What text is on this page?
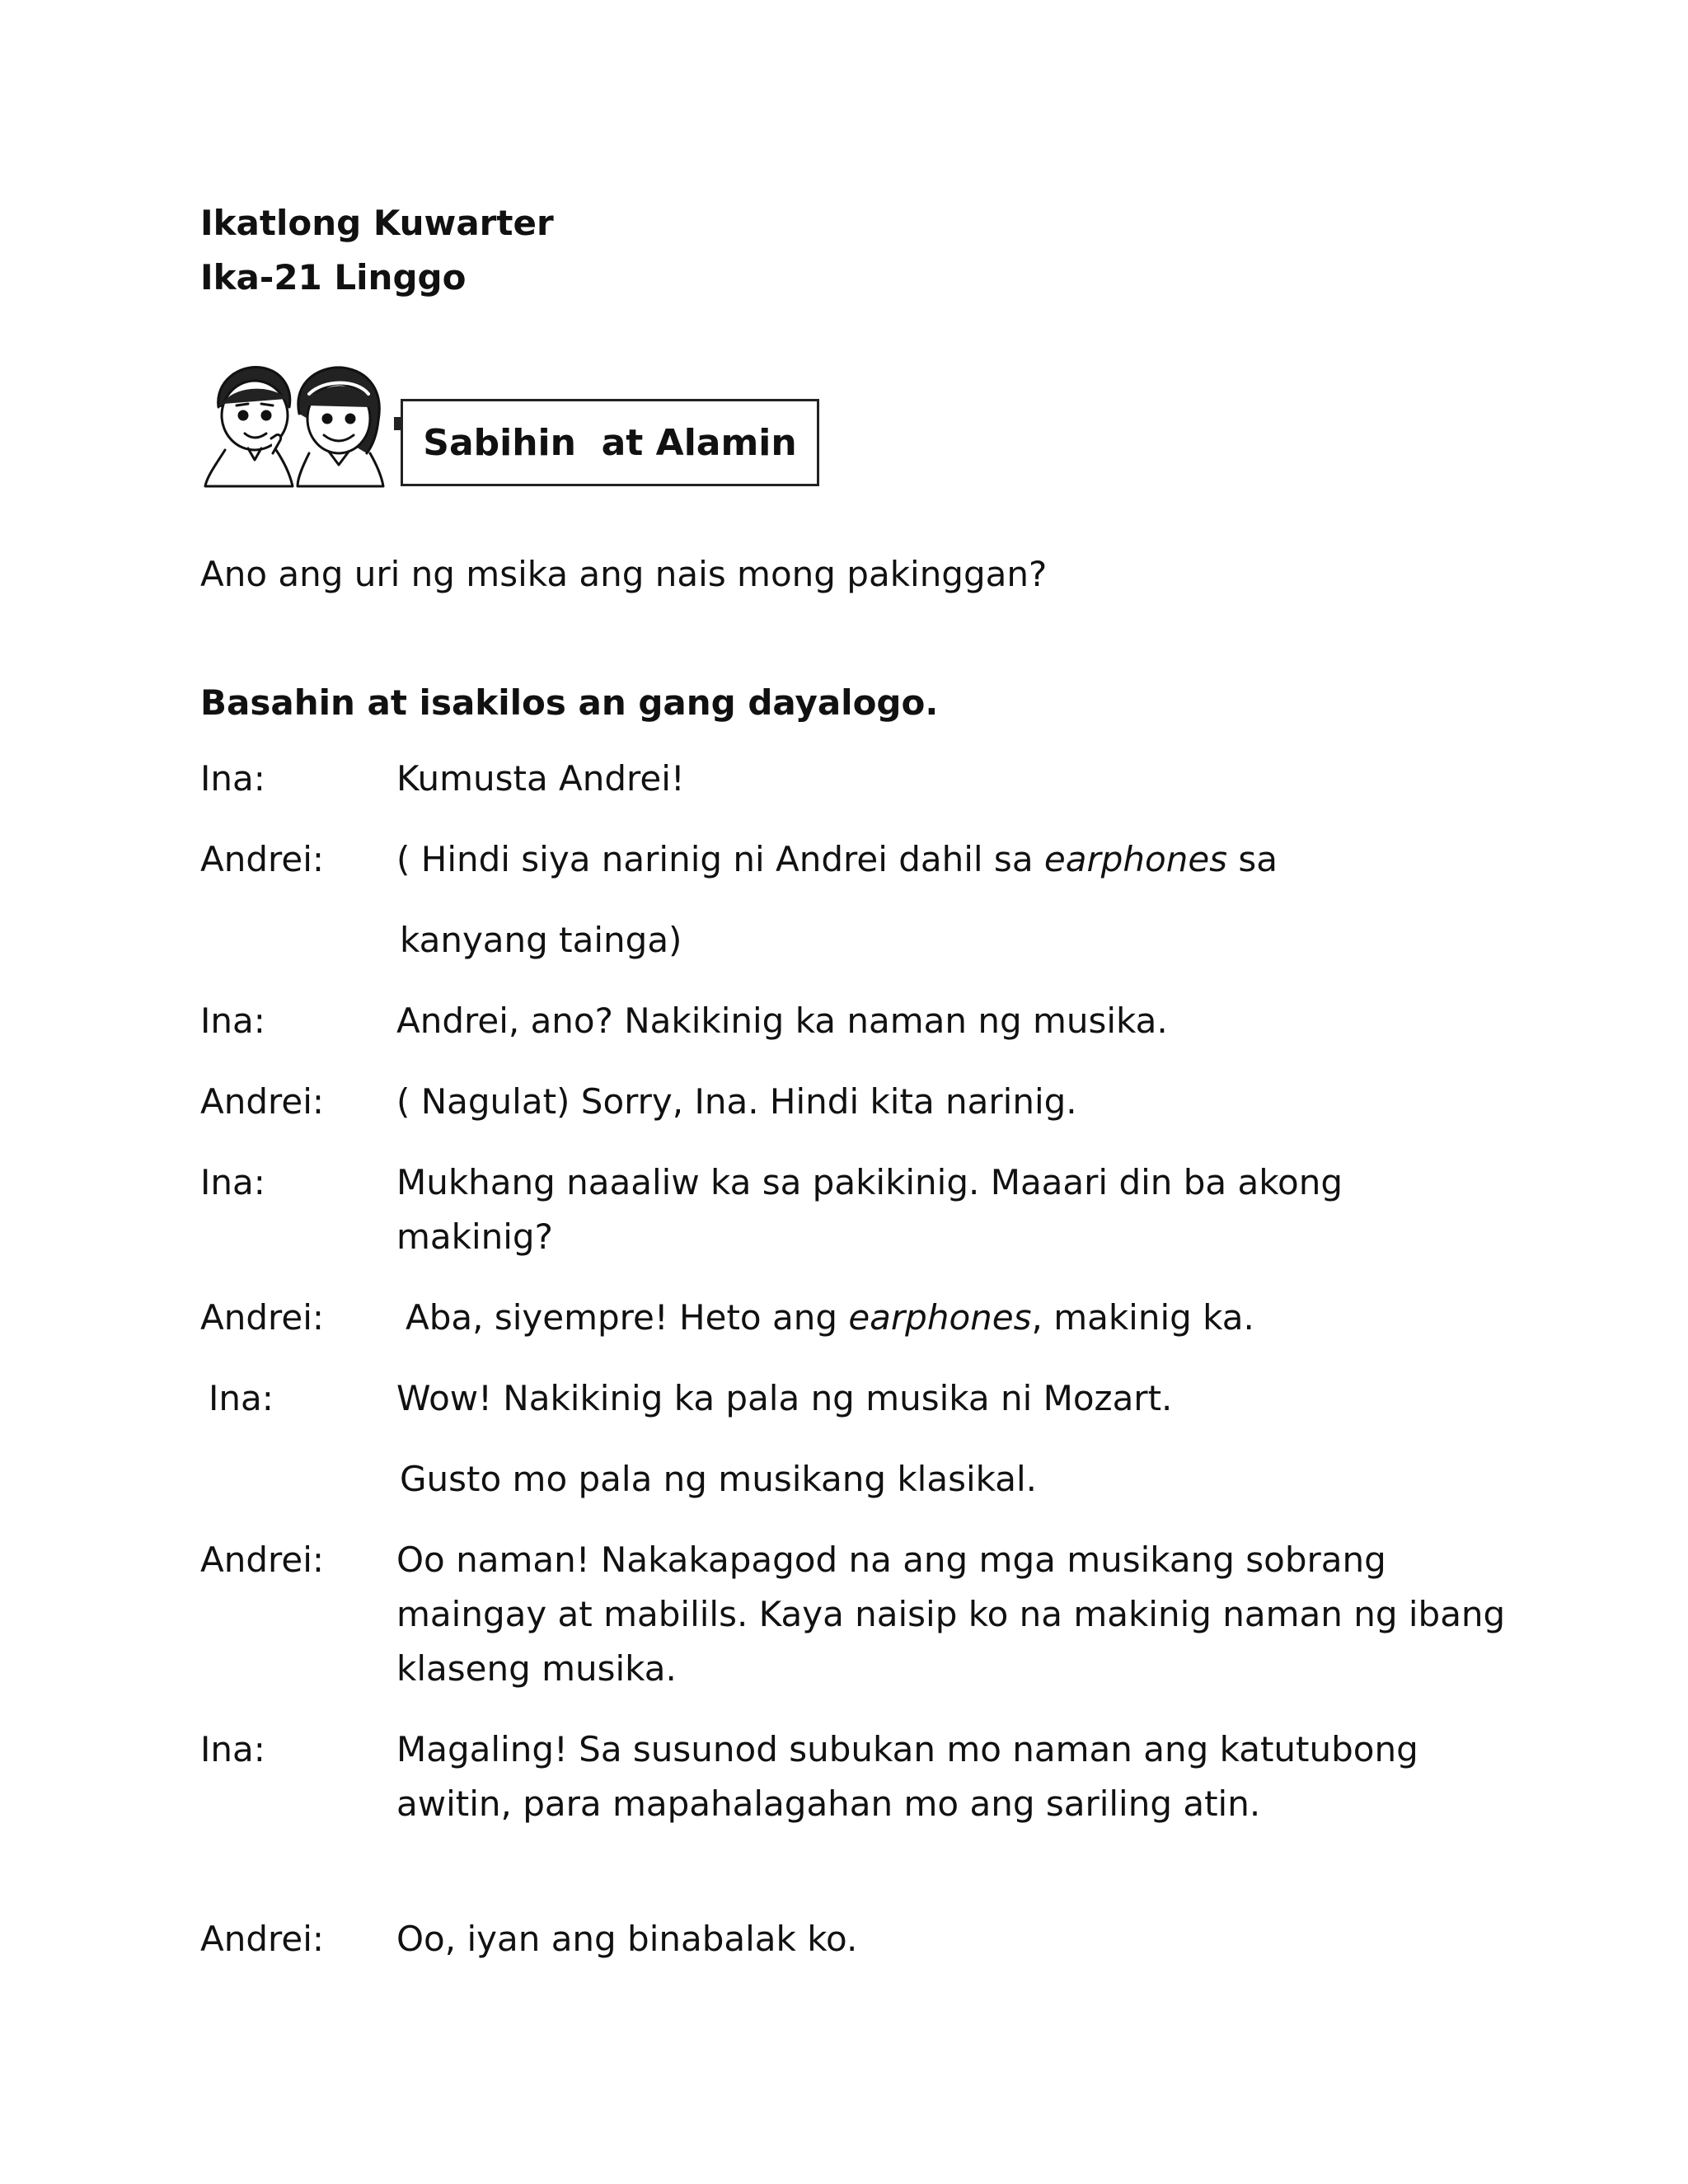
Ikatlong Kuwarter
Ika-21 Linggo
Sabihin  at Alamin
Ano ang uri ng msika ang nais mong pakinggan?
Basahin at isakilos an gang dayalogo.
Ina:	Kumusta Andrei!
Andrei: ( Hindi siya narinig ni Andrei dahil sa earphones sa
kanyang tainga)
Ina:	Andrei, ano? Nakikinig ka naman ng musika.
Andrei: ( Nagulat) Sorry, Ina. Hindi kita narinig.
Ina:	Mukhang naaaliw ka sa pakikinig. Maaari din ba akong makinig?
Andrei: Aba, siyempre! Heto ang earphones, makinig ka.
Ina:	Wow! Nakikinig ka pala ng musika ni Mozart.
Gusto mo pala ng musikang klasikal.
Andrei: Oo naman! Nakakapagod na ang mga musikang sobrang maingay at mabilils. Kaya naisip ko na makinig naman ng ibang klaseng musika.
Ina:	Magaling! Sa susunod subukan mo naman ang katutubong awitin, para mapahalagahan mo ang sariling atin.
Andrei: Oo, iyan ang binabalak ko.
